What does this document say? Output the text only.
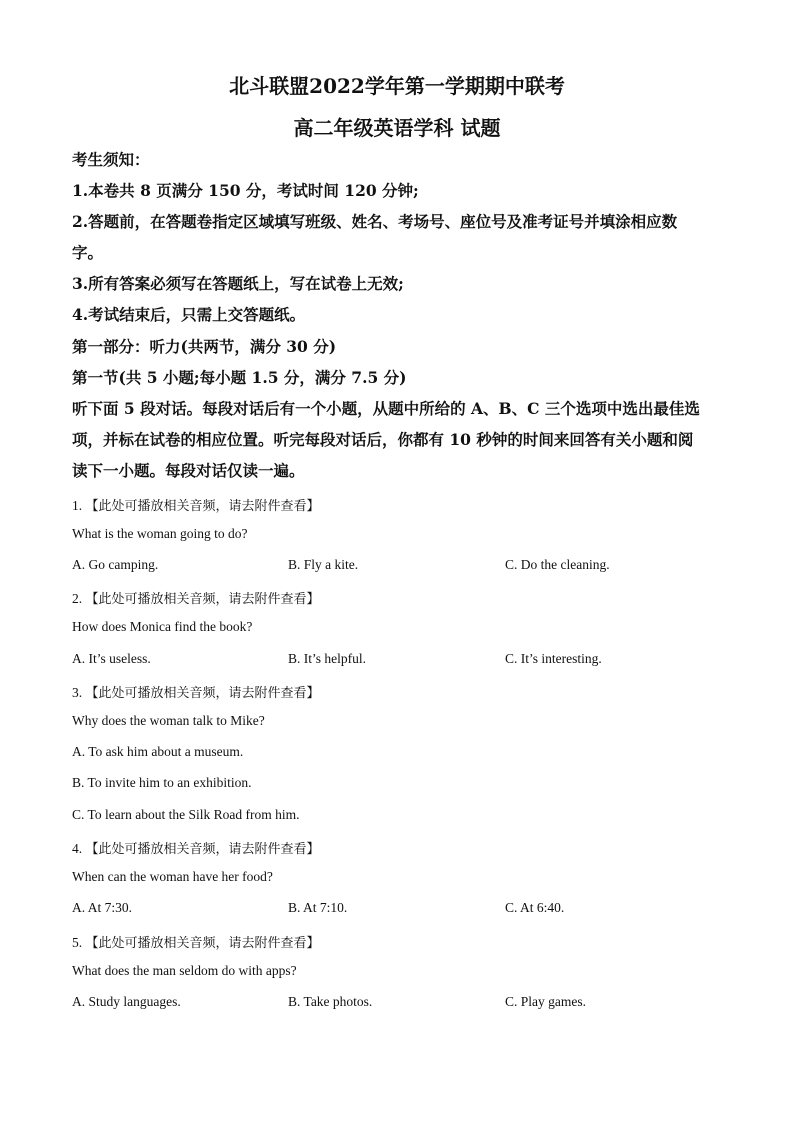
北斗联盟2022学年第一学期期中联考
高二年级英语学科 试题
考生须知：
1.本卷共 8 页满分 150 分，考试时间 120 分钟;
2.答题前，在答题卷指定区域填写班级、姓名、考场号、座位号及准考证号并填涂相应数
字。
3.所有答案必须写在答题纸上，写在试卷上无效;
4.考试结束后，只需上交答题纸。
第一部分：听力(共两节，满分 30 分)
第一节(共 5 小题;每小题 1.5 分，满分 7.5 分)
听下面 5 段对话。每段对话后有一个小题，从题中所给的 A、B、C 三个选项中选出最佳选
项，并标在试卷的相应位置。听完每段对话后，你都有 10 秒钟的时间来回答有关小题和阅
读下一小题。每段对话仅读一遍。
1. 【此处可播放相关音频，请去附件查看】
What is the woman going to do?
A. Go camping.	B. Fly a kite.	C. Do the cleaning.
2. 【此处可播放相关音频，请去附件查看】
How does Monica find the book?
A. It’s useless.	B. It’s helpful.	C. It’s interesting.
3. 【此处可播放相关音频，请去附件查看】
Why does the woman talk to Mike?
A. To ask him about a museum.
B. To invite him to an exhibition.
C. To learn about the Silk Road from him.
4. 【此处可播放相关音频，请去附件查看】
When can the woman have her food?
A. At 7:30.	B. At 7:10.	C. At 6:40.
5. 【此处可播放相关音频，请去附件查看】
What does the man seldom do with apps?
A. Study languages.	B. Take photos.	C. Play games.
